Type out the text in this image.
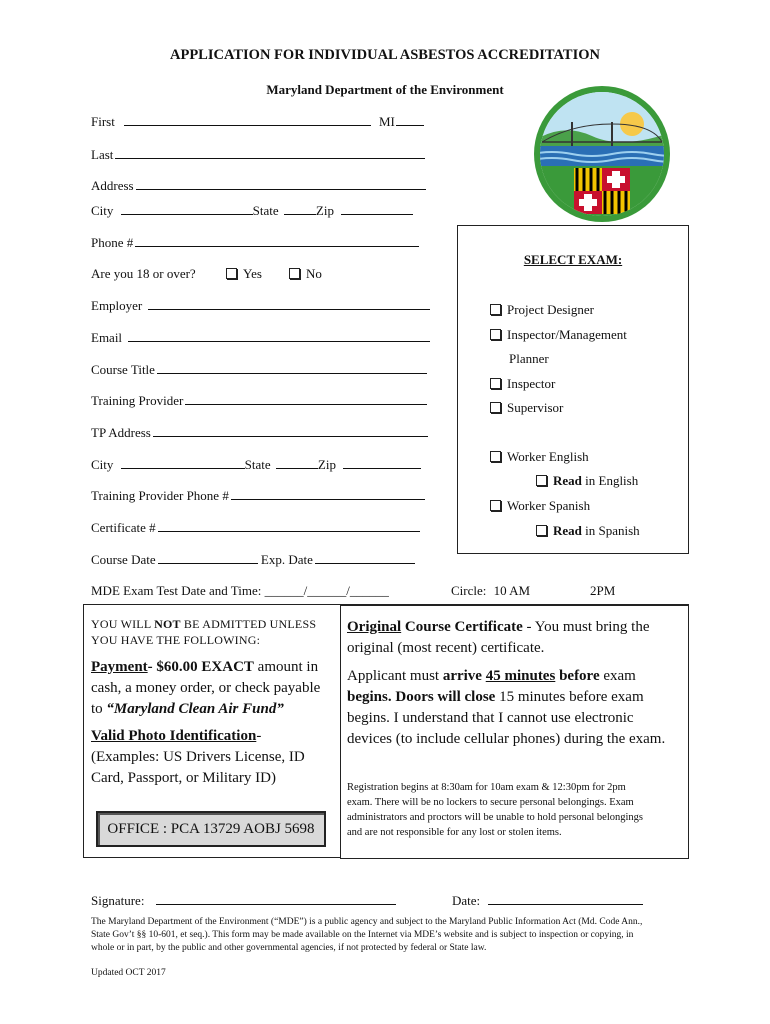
APPLICATION FOR INDIVIDUAL ASBESTOS ACCREDITATION
Maryland Department of the Environment
First	MI
Last
Address
City	State	Zip
Phone #
Are you 18 or over?	Yes	No
Employer
Email
Course Title
Training Provider
TP Address
City	State	Zip
Training Provider Phone #
Certificate #
Course Date	Exp. Date
MDE Exam Test Date and Time: ______/______/______	Circle: 10 AM	2PM
SELECT EXAM:
Project Designer
Inspector/Management
Planner
Inspector
Supervisor
Worker English
Read in English
Worker Spanish
Read in Spanish
YOU WILL NOT BE ADMITTED UNLESS
YOU HAVE THE FOLLOWING:
Payment- $60.00 EXACT amount in
cash, a money order, or check payable
to “Maryland Clean Air Fund”
Valid Photo Identification-
(Examples: US Drivers License, ID
Card, Passport, or Military ID)
OFFICE : PCA 13729 AOBJ 5698
Original Course Certificate - You must bring the
original (most recent) certificate.
Applicant must arrive 45 minutes before exam
begins. Doors will close 15 minutes before exam
begins. I understand that I cannot use electronic
devices (to include cellular phones) during the exam.
Registration begins at 8:30am for 10am exam & 12:30pm for 2pm
exam. There will be no lockers to secure personal belongings. Exam
administrators and proctors will be unable to hold personal belongings
and are not responsible for any lost or stolen items.
Signature:	Date:
The Maryland Department of the Environment (“MDE”) is a public agency and subject to the Maryland Public Information Act (Md. Code Ann.,
State Gov’t §§ 10-601, et seq.). This form may be made available on the Internet via MDE’s website and is subject to inspection or copying, in
whole or in part, by the public and other governmental agencies, if not protected by federal or State law.
Updated OCT 2017
